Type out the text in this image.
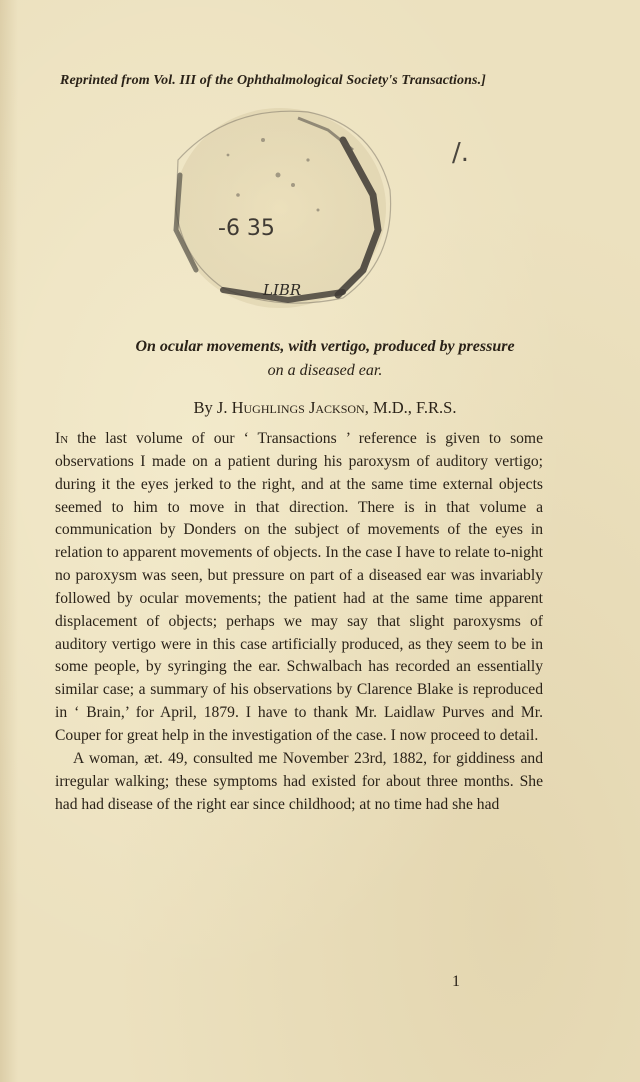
Reprinted from Vol. III of the Ophthalmological Society's Transactions.]
-6 35
LIBR
/.
On ocular movements, with vertigo, produced by pressure
on a diseased ear.
By J. Hughlings Jackson, M.D., F.R.S.

In the last volume of our ‘ Transactions ’ reference is given to some observations I made on a patient during his paroxysm of auditory vertigo; during it the eyes jerked to the right, and at the same time external objects seemed to him to move in that direction. There is in that volume a communication by Donders on the subject of movements of the eyes in relation to apparent movements of objects. In the case I have to relate to-night no paroxysm was seen, but pressure on part of a diseased ear was invariably followed by ocular movements; the patient had at the same time apparent displacement of objects; perhaps we may say that slight paroxysms of auditory vertigo were in this case artificially produced, as they seem to be in some people, by syringing the ear. Schwalbach has recorded an essentially similar case; a summary of his observations by Clarence Blake is reproduced in ‘ Brain,’ for April, 1879. I have to thank Mr. Laidlaw Purves and Mr. Couper for great help in the investigation of the case. I now proceed to detail.

A woman, æt. 49, consulted me November 23rd, 1882, for giddiness and irregular walking; these symptoms had existed for about three months. She had had disease of the right ear since childhood; at no time had she had

1
